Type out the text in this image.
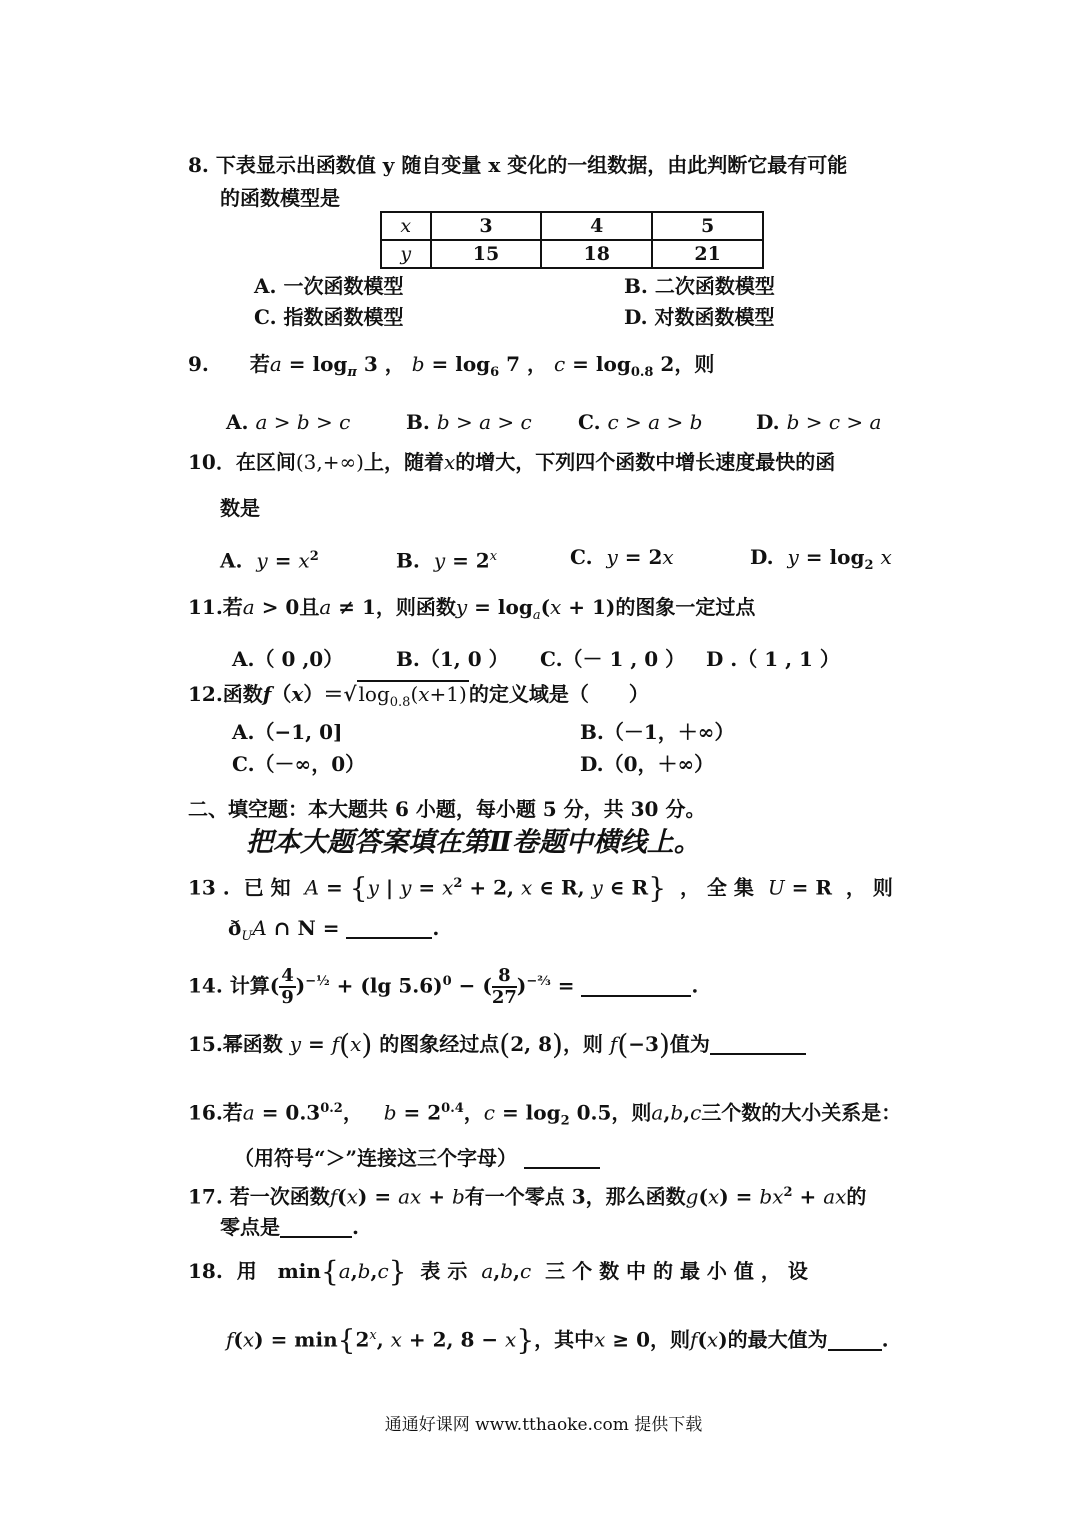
8. 下表显示出函数值 y 随自变量 x 变化的一组数据，由此判断它最有可能
的函数模型是
x	3	4	5
y	15	18	21
A. 一次函数模型	B. 二次函数模型
C. 指数函数模型	D. 对数函数模型
9. 若$a = \log_\pi 3$ ， $b = \log_6 7$ ， $c = \log_{0.8} 2$，则
A. a > b > c	B. b > a > c C. c > a > b	D. b > c > a
10．在区间(3,+∞)上，随着x的增大，下列四个函数中增长速度最快的函
数是
A. $y = x^2$	B. $y = 2^x$	C. y = 2x	D. $y = \log_2 x$
11.若a > 0且a ≠ 1，则函数$y = \log_a(x + 1)$的图象一定过点
A.（ 0 ,0）	B.（1, 0 ） C.（－ 1 , 0 ） D .（ 1 , 1 ）
12.函数f（x）＝√ $\log_{0.8}(x+1)$ 的定义域是（　　）
A.（−1, 0]	B.（－1，＋∞）
C.（－∞，0）	D.（0，＋∞）
二、填空题：本大题共 6 小题，每小题 5 分，共 30 分。
把本大题答案填在第Ⅱ卷题中横线上。
13 . 已 知 A = {y | $y = x^2 + 2$, x ∈ R, y ∈ R} ， 全 集 U = R  ， 则
$ð_UA$ ∩ N =	.
14. 计算( $\frac{4}{9} )^{-\frac{1}{2}} + (\lg$ 5.6)$^0$ − ( $\frac{8}{27} )^{-\frac{2}{3}}$ =	.
15.幂函数 y = f(x) 的图象经过点(2, 8)，则 f(−3)值为
16.若$a = 0.3^{0.2}$，   $b = 2^{0.4}$，$c = \log_2 0.5$，则a,b,c三个数的大小关系是：
（用符号“＞”连接这三个字母）
17. 若一次函数f(x) = ax + b有一个零点 3，那么函数$g(x) = bx^2$ + ax的
零点是	.
18. 用   min{a,b,c} 表 示 a,b,c 三 个 数 中 的 最 小 值 ， 设
$f(x) = \min\{2^x$, x + 2, 8 − x}，其中x ≥ 0，则f(x)的最大值为	.
通通好课网 www.tthaoke.com 提供下载
